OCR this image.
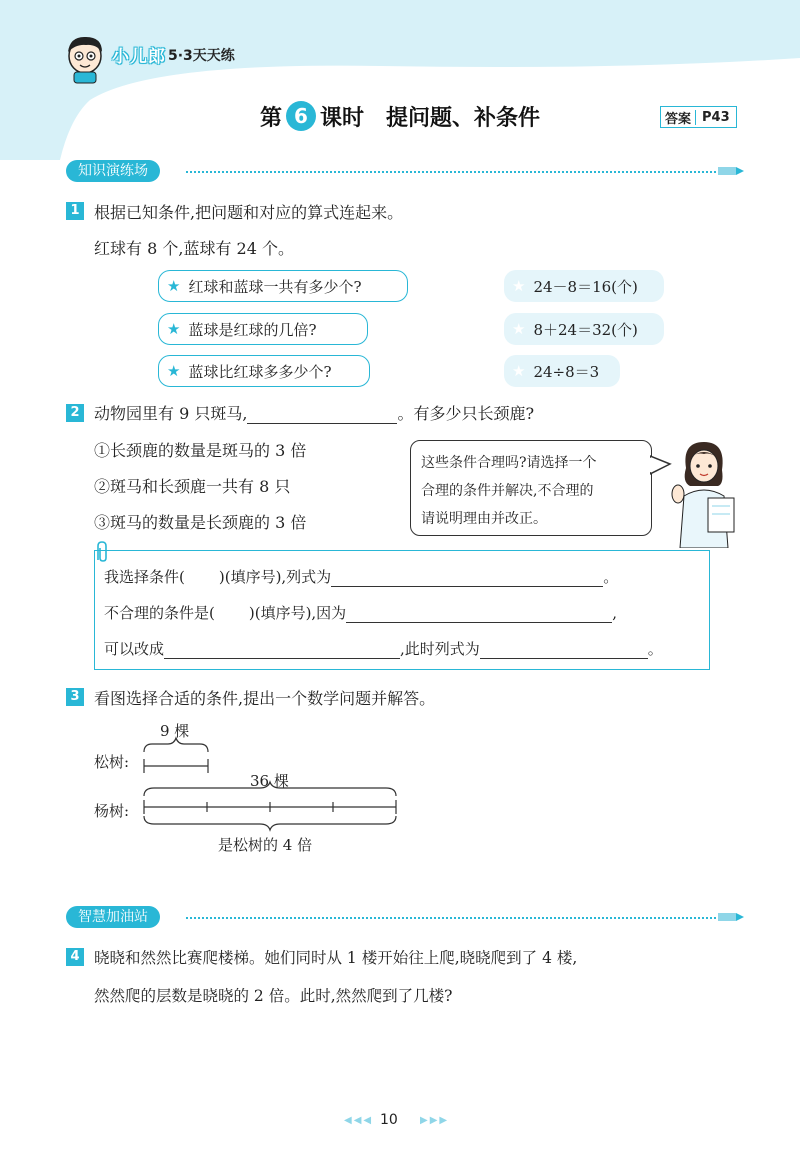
小儿郎 5·3天天练
第 6 课时 提问题、补条件	答案 P43
知识演练场
1 根据已知条件,把问题和对应的算式连起来。
红球有 8 个,蓝球有 24 个。
★ 红球和蓝球一共有多少个?
★ 蓝球是红球的几倍?
★ 蓝球比红球多多少个?
★ 24－8＝16(个)
★ 8＋24＝32(个)
★ 24÷8＝3
2 动物园里有 9 只斑马,	。有多少只长颈鹿?
①长颈鹿的数量是斑马的 3 倍
②斑马和长颈鹿一共有 8 只
③斑马的数量是长颈鹿的 3 倍
这些条件合理吗?请选择一个
合理的条件并解决,不合理的
请说明理由并改正。
我选择条件( )(填序号),列式为	。
不合理的条件是( )(填序号),因为	,
可以改成	,此时列式为	。
3 看图选择合适的条件,提出一个数学问题并解答。
9 棵
松树:
36 棵
杨树:
是松树的 4 倍
智慧加油站
4 晓晓和然然比赛爬楼梯。她们同时从 1 楼开始往上爬,晓晓爬到了 4 楼,
然然爬的层数是晓晓的 2 倍。此时,然然爬到了几楼?
◀◀◀ 10 ▶▶▶
